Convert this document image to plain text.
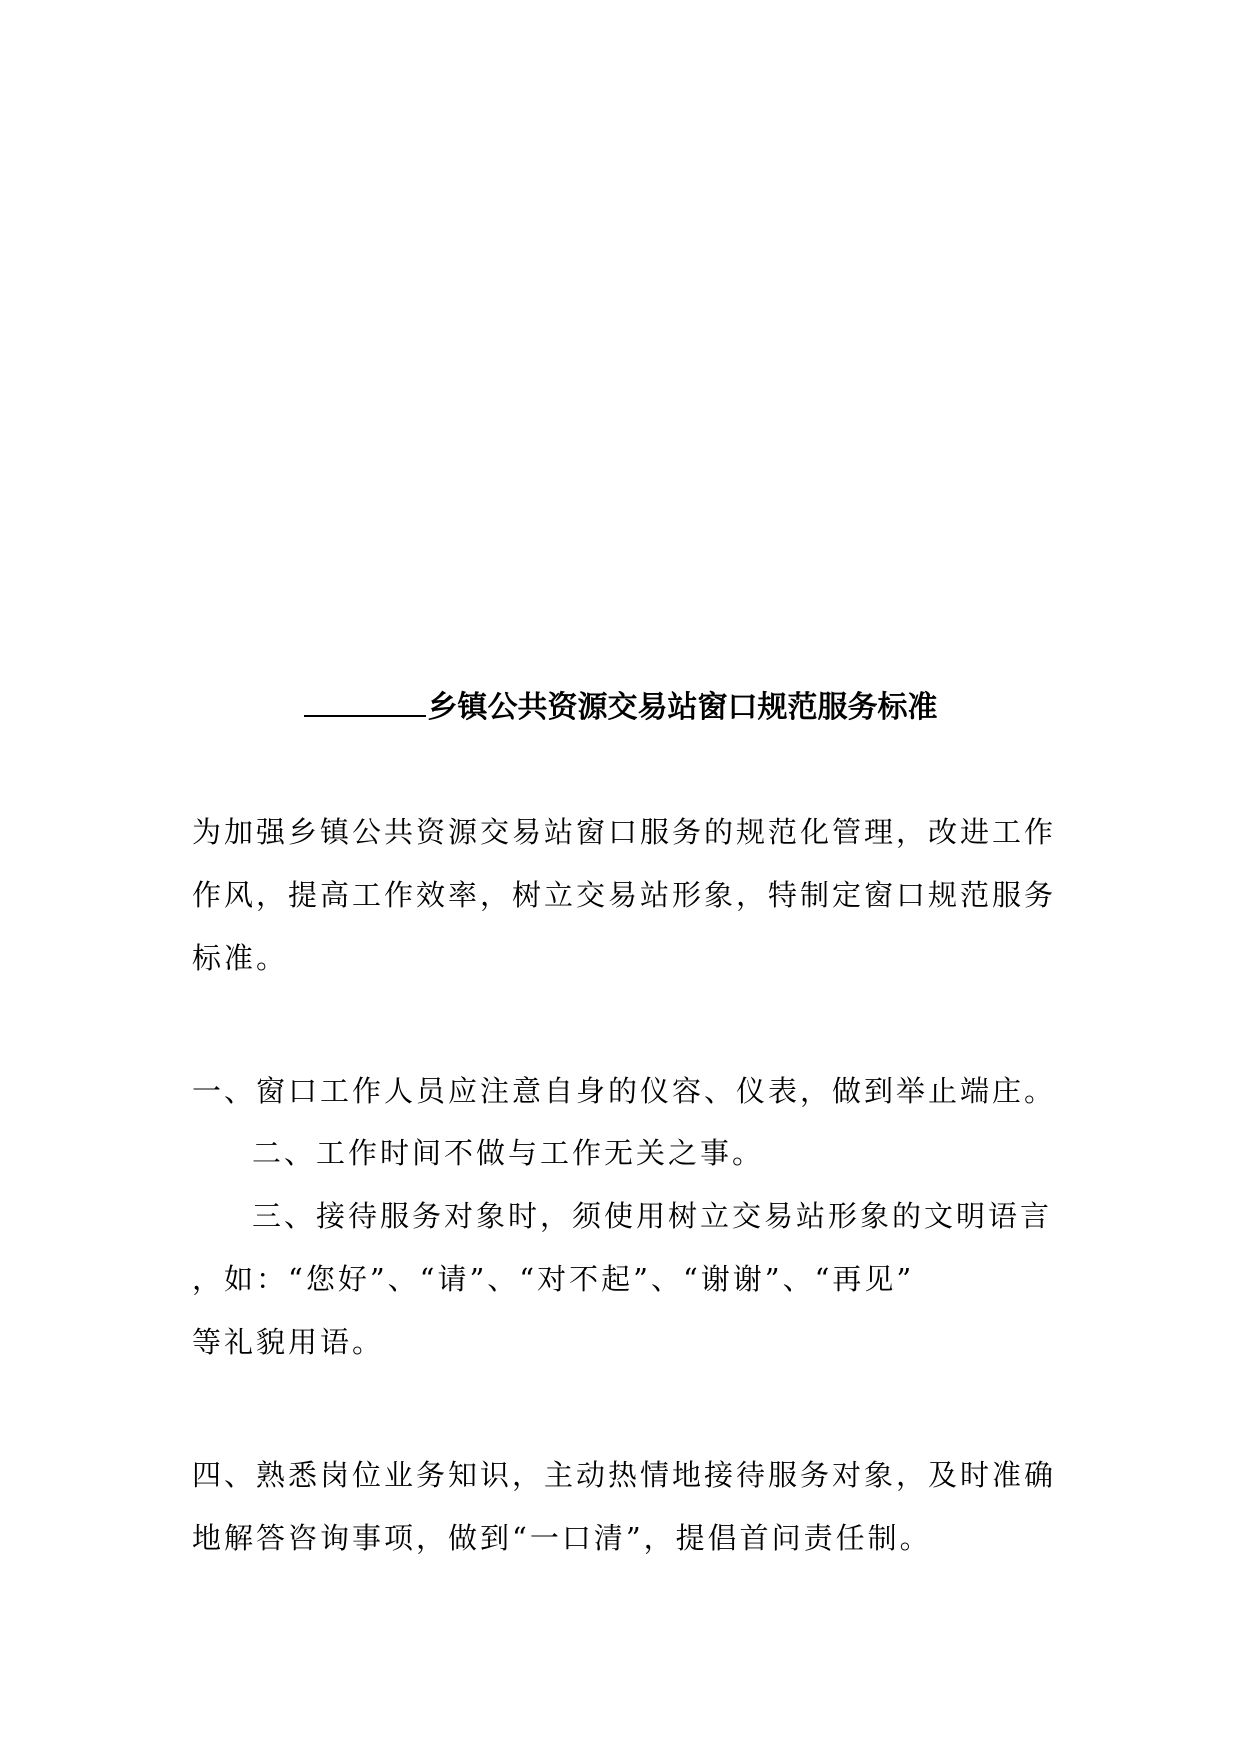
乡镇公共资源交易站窗口规范服务标准
为加强乡镇公共资源交易站窗口服务的规范化管理，改进工作
作风，提高工作效率，树立交易站形象，特制定窗口规范服务
标准。
一、窗口工作人员应注意自身的仪容、仪表，做到举止端庄。
二、工作时间不做与工作无关之事。
三、接待服务对象时，须使用树立交易站形象的文明语言
，如：“您好”、“请”、“对不起”、“谢谢”、“再见”
等礼貌用语。
四、熟悉岗位业务知识，主动热情地接待服务对象，及时准确
地解答咨询事项，做到“一口清”，提倡首问责任制。
